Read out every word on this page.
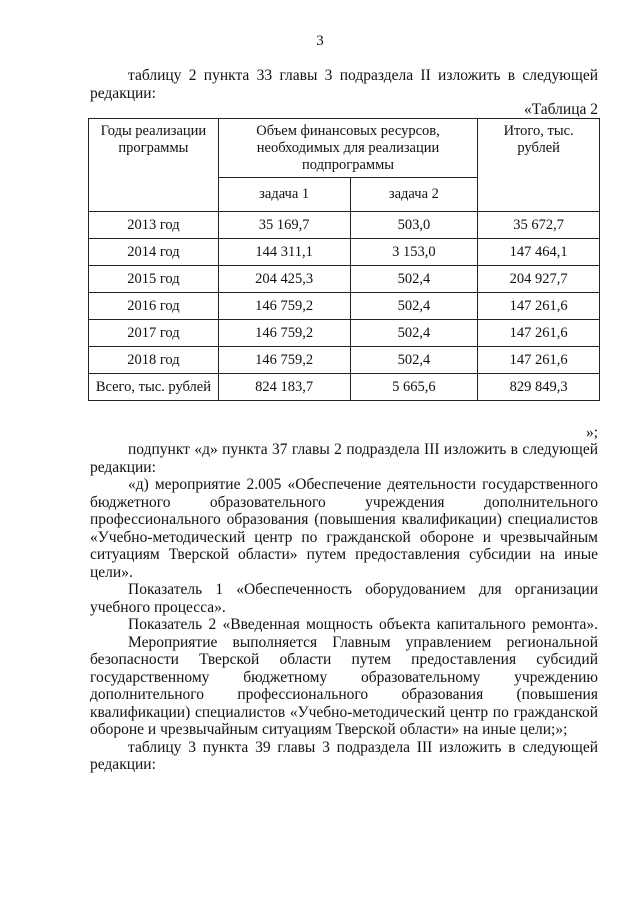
3

таблицу 2 пункта 33 главы 3 подраздела II изложить в следующей редакции:

«Таблица 2
Годы реализации программы	Объем финансовых ресурсов, необходимых для реализации подпрограммы		Итого, тыс. рублей
	задача 1	задача 2	
2013 год	35 169,7	503,0	35 672,7
2014 год	144 311,1	3 153,0	147 464,1
2015 год	204 425,3	502,4	204 927,7
2016 год	146 759,2	502,4	147 261,6
2017 год	146 759,2	502,4	147 261,6
2018 год	146 759,2	502,4	147 261,6
Всего, тыс. рублей	824 183,7	5 665,6	829 849,3
»;

подпункт «д» пункта 37 главы 2 подраздела III изложить в следующей редакции:

«д) мероприятие 2.005 «Обеспечение деятельности государственного бюджетного образовательного учреждения дополнительного профессионального образования (повышения квалификации) специалистов «Учебно-методический центр по гражданской обороне и чрезвычайным ситуациям Тверской области» путем предоставления субсидии на иные цели».

Показатель 1 «Обеспеченность оборудованием для организации учебного процесса».

Показатель 2 «Введенная мощность объекта капитального ремонта».

Мероприятие выполняется Главным управлением региональной безопасности Тверской области путем предоставления субсидий государственному бюджетному образовательному учреждению дополнительного профессионального образования (повышения квалификации) специалистов «Учебно-методический центр по гражданской обороне и чрезвычайным ситуациям Тверской области» на иные цели;»;

таблицу 3 пункта 39 главы 3 подраздела III изложить в следующей редакции:
